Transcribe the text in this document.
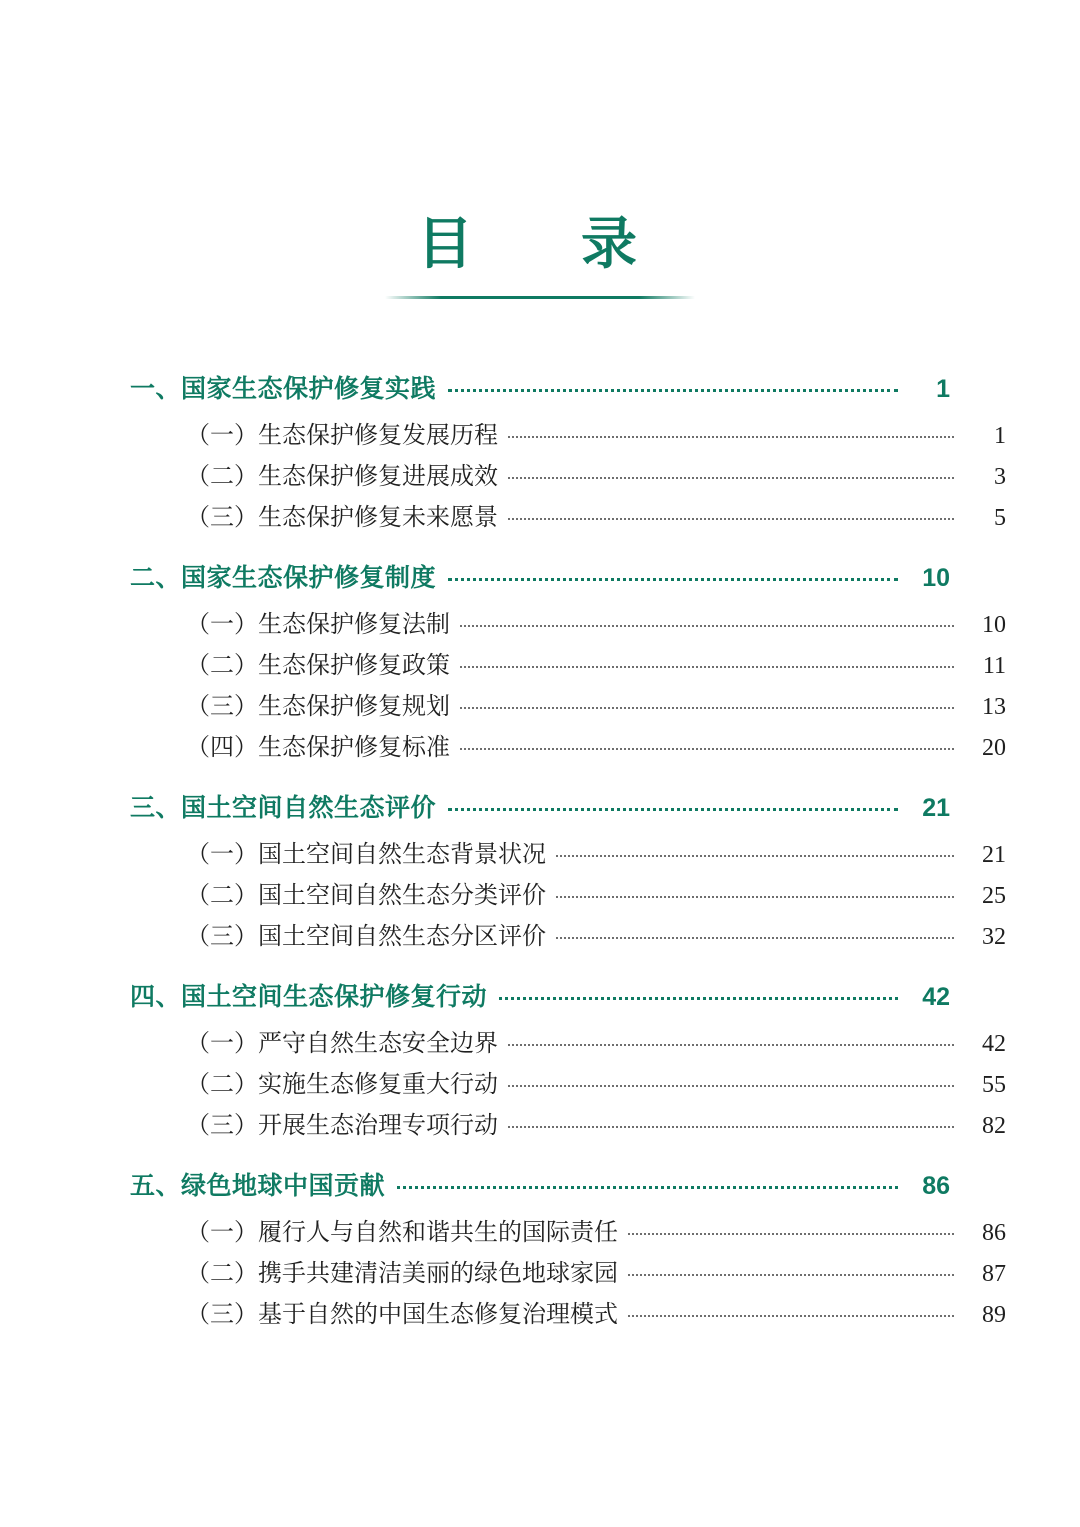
目　录
一、国家生态保护修复实践	1
（一）生态保护修复发展历程	1
（二）生态保护修复进展成效	3
（三）生态保护修复未来愿景	5
二、国家生态保护修复制度	10
（一）生态保护修复法制	10
（二）生态保护修复政策	11
（三）生态保护修复规划	13
（四）生态保护修复标准	20
三、国土空间自然生态评价	21
（一）国土空间自然生态背景状况	21
（二）国土空间自然生态分类评价	25
（三）国土空间自然生态分区评价	32
四、国土空间生态保护修复行动	42
（一）严守自然生态安全边界	42
（二）实施生态修复重大行动	55
（三）开展生态治理专项行动	82
五、绿色地球中国贡献	86
（一）履行人与自然和谐共生的国际责任	86
（二）携手共建清洁美丽的绿色地球家园	87
（三）基于自然的中国生态修复治理模式	89
